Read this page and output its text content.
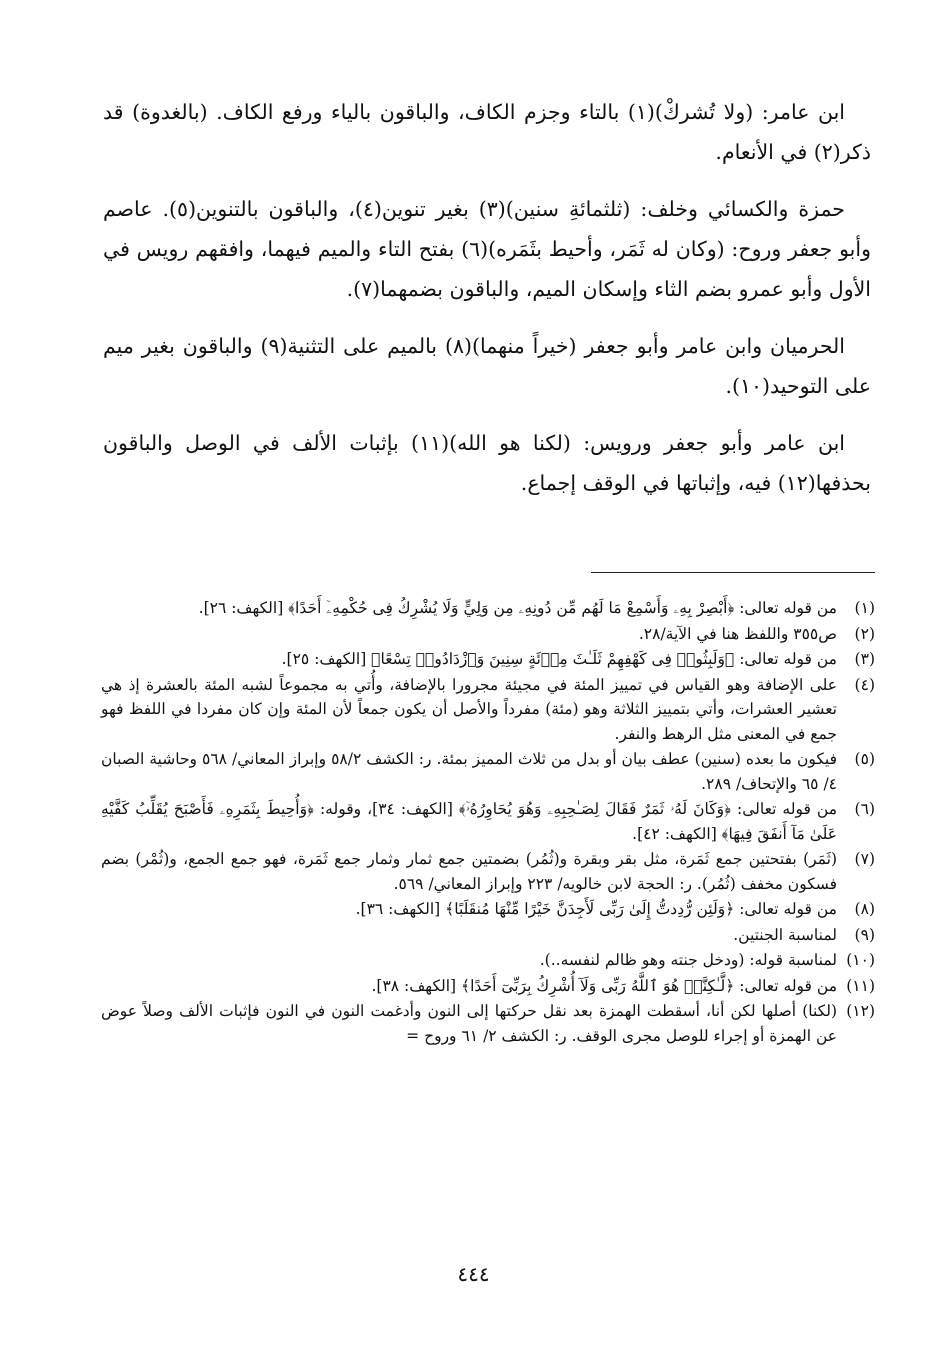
ابن عامر: (ولا تُشركْ)(١) بالتاء وجزم الكاف، والباقون بالياء ورفع الكاف. (بالغدوة) قد ذكر(٢) في الأنعام.

حمزة والكسائي وخلف: (ثلثمائةِ سنين)(٣) بغير تنوين(٤)، والباقون بالتنوين(٥). عاصم وأبو جعفر وروح: (وكان له ثَمَر، وأحيط بثَمَره)(٦) بفتح التاء والميم فيهما، وافقهم رويس في الأول وأبو عمرو بضم الثاء وإسكان الميم، والباقون بضمهما(٧).

الحرميان وابن عامر وأبو جعفر (خيراً منهما)(٨) بالميم على التثنية(٩) والباقون بغير ميم على التوحيد(١٠).

ابن عامر وأبو جعفر ورويس: (لكنا هو الله)(١١) بإثبات الألف في الوصل والباقون بحذفها(١٢) فيه، وإثباتها في الوقف إجماع.

(١)
من قوله تعالى: ﴿أَبْصِرْ بِهِۦ وَأَسْمِعْ مَا لَهُم مِّن دُونِهِۦ مِن وَلِيٍّ وَلَا يُشْرِكُ فِى حُكْمِهِۦٓ أَحَدًا﴾ [الكهف: ٢٦].
(٢)
ص٣٥٥ واللفظ هنا في الآية/٢٨.
(٣)
من قوله تعالى: ﴿وَلَبِثُوا۟ فِى كَهْفِهِمْ ثَلَـٰثَ مِا۟ئَةٍ سِنِينَ وَٱزْدَادُوا۟ تِسْعًا﴾ [الكهف: ٢٥].
(٤)
على الإضافة وهو القياس في تمييز المئة في مجيئة مجرورا بالإضافة، وأُتي به مجموعاً لشبه المئة بالعشرة إذ هي تعشير العشرات، وأتي بتمييز الثلاثة وهو (مئة) مفرداً والأصل أن يكون جمعاً لأن المئة وإن كان مفردا في اللفظ فهو جمع في المعنى مثل الرهط والنفر.
(٥)
فيكون ما بعده (سنين) عطف بيان أو بدل من ثلاث المميز بمئة. ر: الكشف ٥٨/٢ وإبراز المعاني/ ٥٦٨ وحاشية الصبان ٤/ ٦٥ والإتحاف/ ٢٨٩.
(٦)
من قوله تعالى: ﴿وَكَانَ لَهُۥ ثَمَرٌ فَقَالَ لِصَـٰحِبِهِۦ وَهُوَ يُحَاوِرُهُۥٓ﴾ [الكهف: ٣٤]، وقوله: ﴿وَأُحِيطَ بِثَمَرِهِۦ فَأَصْبَحَ يُقَلِّبُ كَفَّيْهِ عَلَىٰ مَآ أَنفَقَ فِيهَا﴾ [الكهف: ٤٢].
(٧)
(ثَمَر) بفتحتين جمع ثَمَرة، مثل بقر وبقرة و(ثُمُر) بضمتين جمع ثمار وثمار جمع ثَمَرة، فهو جمع الجمع، و(ثُمْر) بضم فسكون مخفف (ثُمُر). ر: الحجة لابن خالويه/ ٢٢٣ وإبراز المعاني/ ٥٦٩.
(٨)
من قوله تعالى: ﴿وَلَئِن رُّدِدتُّ إِلَىٰ رَبِّى لَأَجِدَنَّ خَيْرًا مِّنْهَا مُنقَلَبًا﴾ [الكهف: ٣٦].
(٩)
لمناسبة الجنتين.
(١٠)
لمناسبة قوله: (ودخل جنته وهو ظالم لنفسه..).
(١١)
من قوله تعالى: ﴿لَّـٰكِنَّا۠ هُوَ ٱللَّهُ رَبِّى وَلَآ أُشْرِكُ بِرَبِّىٓ أَحَدًا﴾ [الكهف: ٣٨].
(١٢)
(لكنا) أصلها لكن أنا، أسقطت الهمزة بعد نقل حركتها إلى النون وأدغمت النون في النون فإثبات الألف وصلاً عوض عن الهمزة أو إجراء للوصل مجرى الوقف. ر: الكشف ٢/ ٦١ وروح =
٤٤٤
